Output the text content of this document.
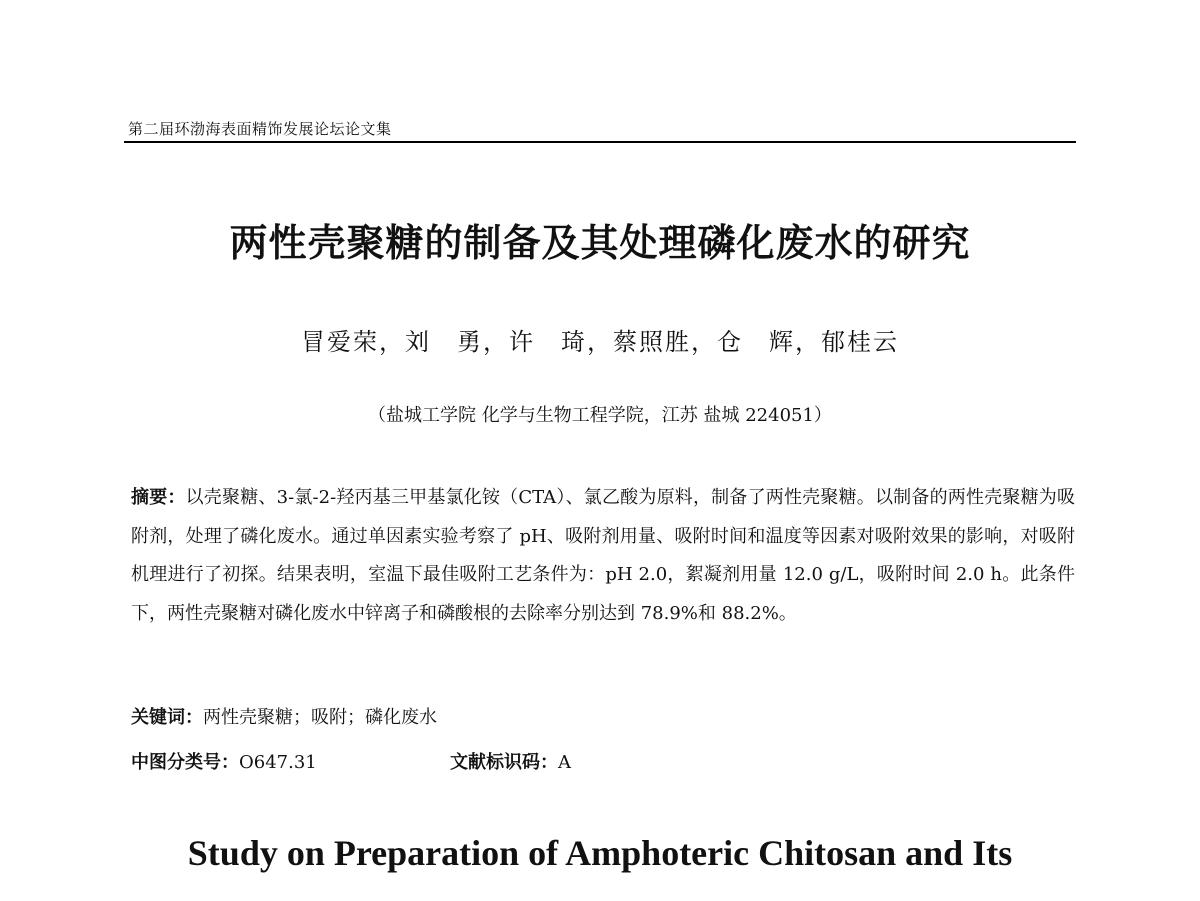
第二届环渤海表面精饰发展论坛论文集
两性壳聚糖的制备及其处理磷化废水的研究
冒爱荣，刘　勇，许　琦，蔡照胜，仓　辉，郁桂云
（盐城工学院 化学与生物工程学院，江苏 盐城 224051）
摘要：以壳聚糖、3-氯-2-羟丙基三甲基氯化铵（CTA）、氯乙酸为原料，制备了两性壳聚糖。以制备的两性壳聚糖为吸附剂，处理了磷化废水。通过单因素实验考察了 pH、吸附剂用量、吸附时间和温度等因素对吸附效果的影响，对吸附机理进行了初探。结果表明，室温下最佳吸附工艺条件为：pH 2.0，絮凝剂用量 12.0 g/L，吸附时间 2.0 h。此条件下，两性壳聚糖对磷化废水中锌离子和磷酸根的去除率分别达到 78.9%和 88.2%。
关键词：两性壳聚糖；吸附；磷化废水
中图分类号：O647.31	文献标识码：A
Study on Preparation of Amphoteric Chitosan and Its
